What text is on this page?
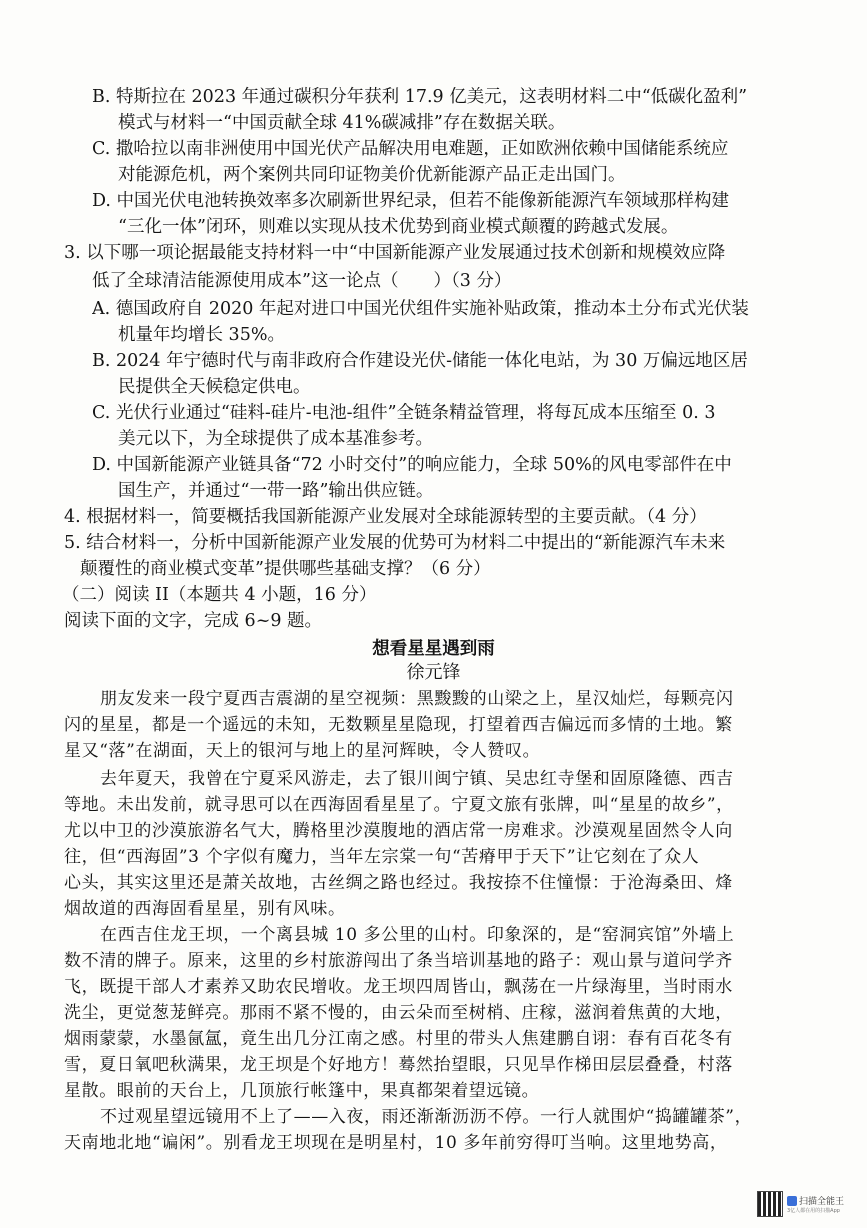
B. 特斯拉在 2023 年通过碳积分年获利 17.9 亿美元，这表明材料二中“低碳化盈利”
模式与材料一“中国贡献全球 41%碳减排”存在数据关联。
C. 撒哈拉以南非洲使用中国光伏产品解决用电难题，正如欧洲依赖中国储能系统应
对能源危机，两个案例共同印证物美价优新能源产品正走出国门。
D. 中国光伏电池转换效率多次刷新世界纪录，但若不能像新能源汽车领域那样构建
“三化一体”闭环，则难以实现从技术优势到商业模式颠覆的跨越式发展。
3. 以下哪一项论据最能支持材料一中“中国新能源产业发展通过技术创新和规模效应降
低了全球清洁能源使用成本”这一论点（　　）（3 分）
A. 德国政府自 2020 年起对进口中国光伏组件实施补贴政策，推动本土分布式光伏装
机量年均增长 35%。
B. 2024 年宁德时代与南非政府合作建设光伏-储能一体化电站，为 30 万偏远地区居
民提供全天候稳定供电。
C. 光伏行业通过“硅料-硅片-电池-组件”全链条精益管理，将每瓦成本压缩至 0. 3
美元以下，为全球提供了成本基准参考。
D. 中国新能源产业链具备“72 小时交付”的响应能力，全球 50%的风电零部件在中
国生产，并通过“一带一路”输出供应链。
4. 根据材料一，简要概括我国新能源产业发展对全球能源转型的主要贡献。（4 分）
5. 结合材料一，分析中国新能源产业发展的优势可为材料二中提出的“新能源汽车未来
颠覆性的商业模式变革”提供哪些基础支撑？（6 分）
（二）阅读 II（本题共 4 小题，16 分）
阅读下面的文字，完成 6~9 题。
想看星星遇到雨
徐元锋
朋友发来一段宁夏西吉震湖的星空视频：黑黢黢的山梁之上，星汉灿烂，每颗亮闪
闪的星星，都是一个遥远的未知，无数颗星星隐现，打望着西吉偏远而多情的土地。繁
星又“落”在湖面，天上的银河与地上的星河辉映，令人赞叹。
去年夏天，我曾在宁夏采风游走，去了银川闽宁镇、吴忠红寺堡和固原隆德、西吉
等地。未出发前，就寻思可以在西海固看星星了。宁夏文旅有张牌，叫“星星的故乡”，
尤以中卫的沙漠旅游名气大，腾格里沙漠腹地的酒店常一房难求。沙漠观星固然令人向
往，但“西海固”3 个字似有魔力，当年左宗棠一句“苦瘠甲于天下”让它刻在了众人
心头，其实这里还是萧关故地，古丝绸之路也经过。我按捺不住憧憬：于沧海桑田、烽
烟故道的西海固看星星，别有风味。
在西吉住龙王坝，一个离县城 10 多公里的山村。印象深的，是“窑洞宾馆”外墙上
数不清的牌子。原来，这里的乡村旅游闯出了条当培训基地的路子：观山景与道问学齐
飞，既提干部人才素养又助农民增收。龙王坝四周皆山，飘荡在一片绿海里，当时雨水
洗尘，更觉葱茏鲜亮。那雨不紧不慢的，由云朵而至树梢、庄稼，滋润着焦黄的大地，
烟雨蒙蒙，水墨氤氲，竟生出几分江南之感。村里的带头人焦建鹏自诩：春有百花冬有
雪，夏日氧吧秋满果，龙王坝是个好地方！蓦然抬望眼，只见旱作梯田层层叠叠，村落
星散。眼前的天台上，几顶旅行帐篷中，果真都架着望远镜。
不过观星望远镜用不上了——入夜，雨还渐渐沥沥不停。一行人就围炉“捣罐罐茶”，
天南地北地“谝闲”。别看龙王坝现在是明星村，10 多年前穷得叮当响。这里地势高，
扫描全能王
3亿人都在用的扫描App
